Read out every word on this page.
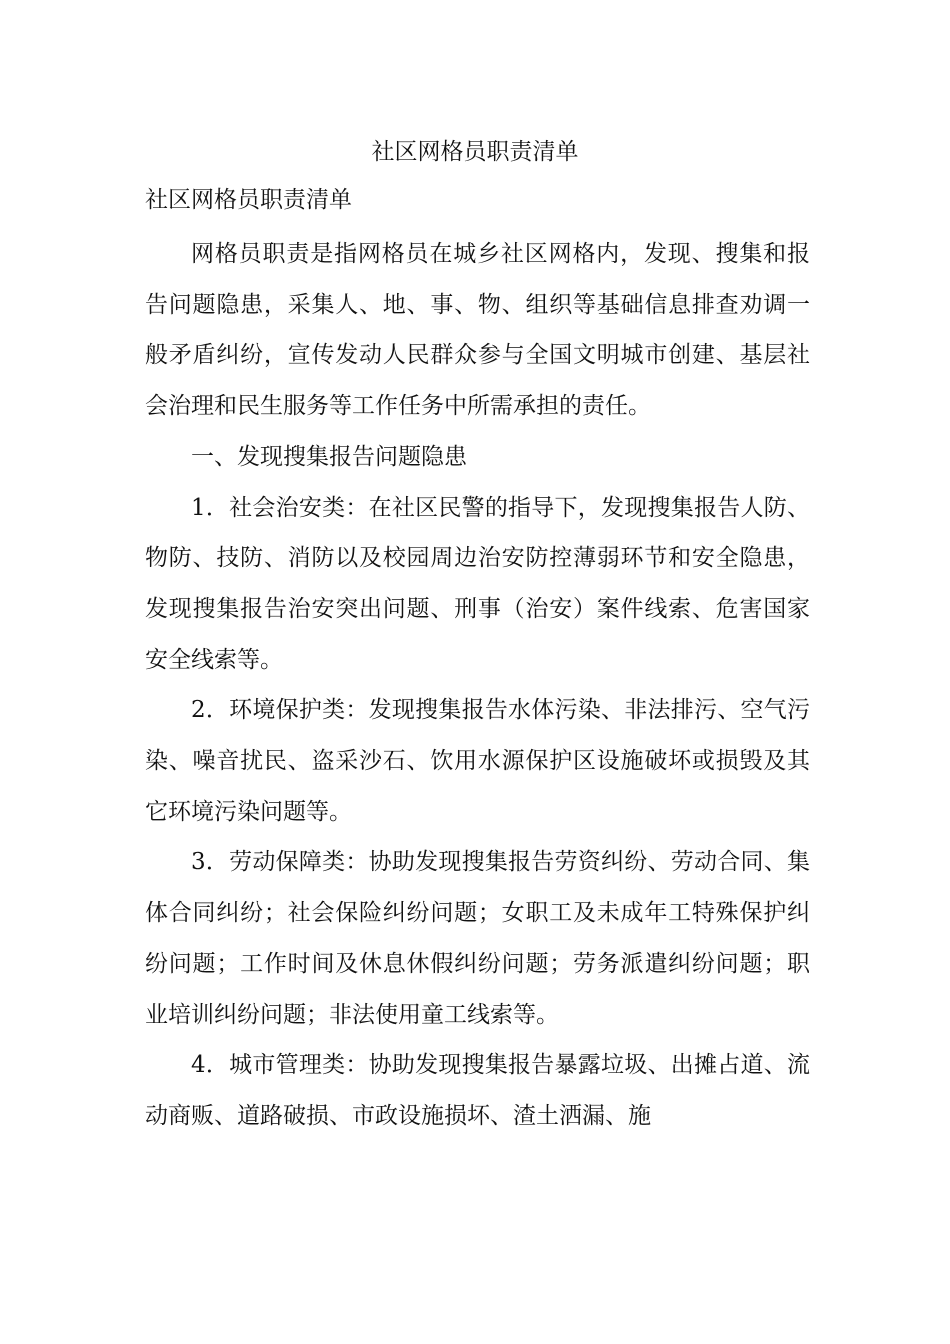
社区网格员职责清单
社区网格员职责清单

网格员职责是指网格员在城乡社区网格内，发现、搜集和报告问题隐患，采集人、地、事、物、组织等基础信息排查劝调一般矛盾纠纷，宣传发动人民群众参与全国文明城市创建、基层社会治理和民生服务等工作任务中所需承担的责任。

一、发现搜集报告问题隐患

1．社会治安类：在社区民警的指导下，发现搜集报告人防、物防、技防、消防以及校园周边治安防控薄弱环节和安全隐患，发现搜集报告治安突出问题、刑事（治安）案件线索、危害国家安全线索等。

2．环境保护类：发现搜集报告水体污染、非法排污、空气污染、噪音扰民、盗采沙石、饮用水源保护区设施破坏或损毁及其它环境污染问题等。

3．劳动保障类：协助发现搜集报告劳资纠纷、劳动合同、集体合同纠纷；社会保险纠纷问题；女职工及未成年工特殊保护纠纷问题；工作时间及休息休假纠纷问题；劳务派遣纠纷问题；职业培训纠纷问题；非法使用童工线索等。

4．城市管理类：协助发现搜集报告暴露垃圾、出摊占道、流动商贩、道路破损、市政设施损坏、渣土洒漏、施
